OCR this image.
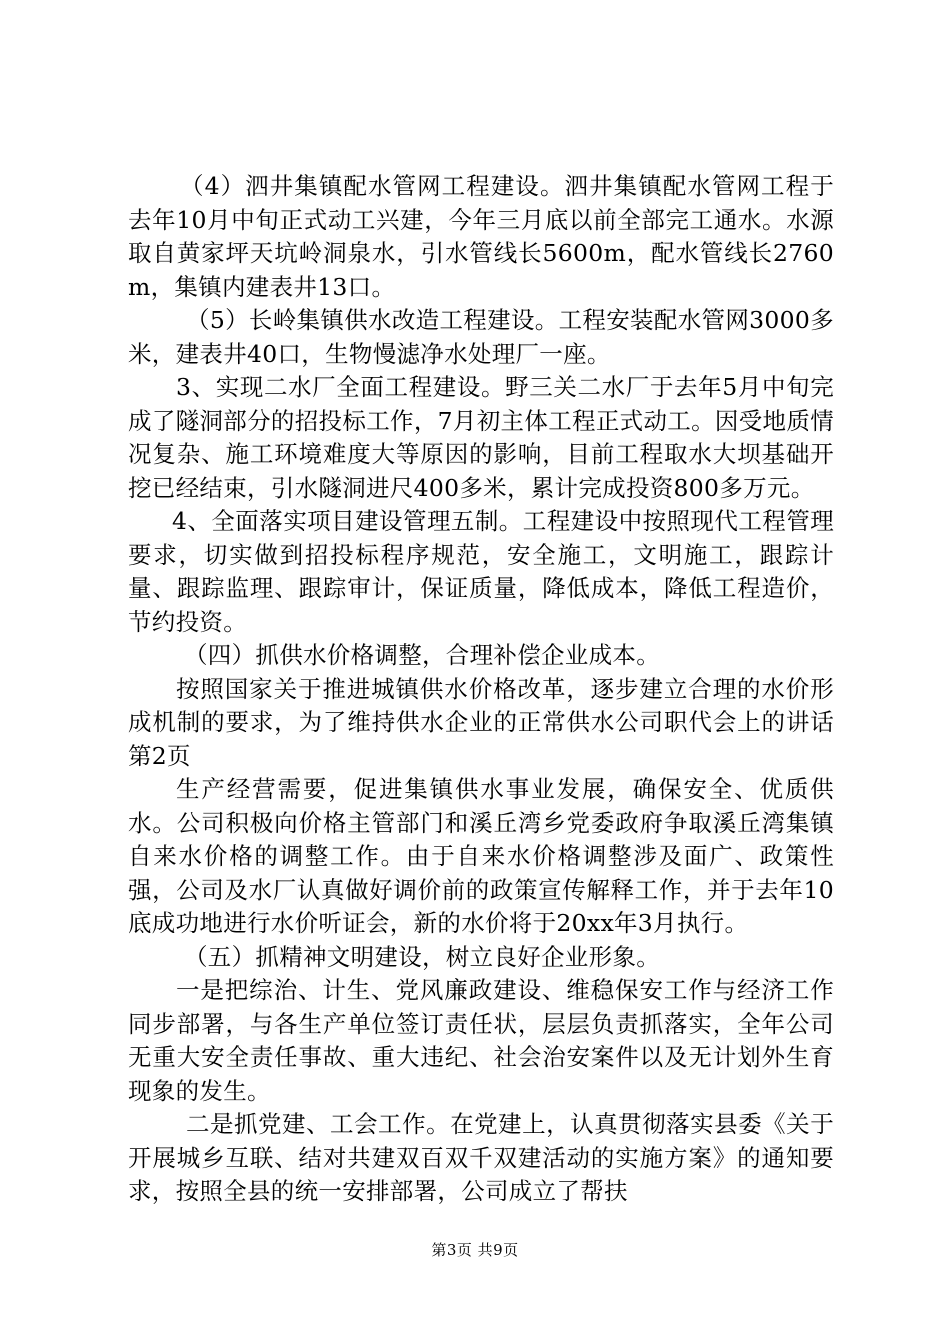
（4）泗井集镇配水管网工程建设。泗井集镇配水管网工程于去年10月中旬正式动工兴建，今年三月底以前全部完工通水。水源取自黄家坪天坑岭洞泉水，引水管线长5600m，配水管线长2760m，集镇内建表井13口。

（5）长岭集镇供水改造工程建设。工程安装配水管网3000多米，建表井40口，生物慢滤净水处理厂一座。

3、实现二水厂全面工程建设。野三关二水厂于去年5月中旬完成了隧洞部分的招投标工作，7月初主体工程正式动工。因受地质情况复杂、施工环境难度大等原因的影响，目前工程取水大坝基础开挖已经结束，引水隧洞进尺400多米，累计完成投资800多万元。

4、全面落实项目建设管理五制。工程建设中按照现代工程管理要求，切实做到招投标程序规范，安全施工，文明施工，跟踪计量、跟踪监理、跟踪审计，保证质量，降低成本，降低工程造价，节约投资。

（四）抓供水价格调整，合理补偿企业成本。

按照国家关于推进城镇供水价格改革，逐步建立合理的水价形成机制的要求，为了维持供水企业的正常供水公司职代会上的讲话第2页

生产经营需要，促进集镇供水事业发展，确保安全、优质供水。公司积极向价格主管部门和溪丘湾乡党委政府争取溪丘湾集镇自来水价格的调整工作。由于自来水价格调整涉及面广、政策性强，公司及水厂认真做好调价前的政策宣传解释工作，并于去年10底成功地进行水价听证会，新的水价将于20xx年3月执行。

（五）抓精神文明建设，树立良好企业形象。

一是把综治、计生、党风廉政建设、维稳保安工作与经济工作同步部署，与各生产单位签订责任状，层层负责抓落实，全年公司无重大安全责任事故、重大违纪、社会治安案件以及无计划外生育现象的发生。

二是抓党建、工会工作。在党建上，认真贯彻落实县委《关于开展城乡互联、结对共建双百双千双建活动的实施方案》的通知要求，按照全县的统一安排部署，公司成立了帮扶

第3页 共9页
